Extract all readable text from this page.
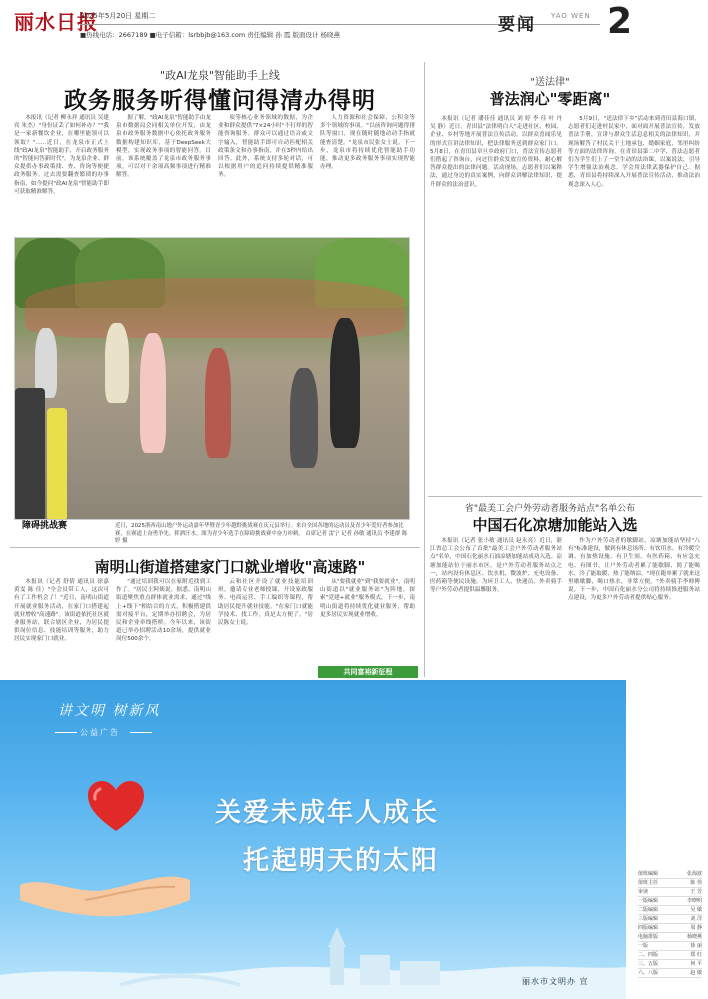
丽水日报
2025年5月20日 星期二
■热线电话：2667189 ■电子信箱：lsrbbjb@163.com 责任编辑 孙 霞 版面设计 杨晓燕	要闻 YAO WEN 2
"政AI龙泉"智能助手上线
政务服务听得懂问得清办得明

本报讯（记者 柳永祥 通讯员 吴建宾 朱杰）"身份证丢了如何补办？""我是一家新餐饮企业，在哪里能领可以领取？"......近日，在龙泉市正式上线"政AI龙泉"智能助手，开启政务服务的"智能问答新时代"。为龙泉企业、群众提供办事政策找、查、咨询等便捷政务服务。过去需要翻查繁琐的办事指南，如今提问"政AI龙泉"智能助手即可获取精准解答。

据了解，"政AI龙泉"智能助手由龙泉市数据局会同相关单位开发，由龙泉市政务服务数据中心依托政务服务数据构建知识库，基于DeepSeek大模型，实现政务事项的智能问答。目前，该系统覆盖了龙泉市政务服务事项，可以对千余项高频事项进行精准解答。

项等核心业务领域的数据，为企业和群众提供"7×24小时"不打烊的智能咨询服务。群众可以通过语音或文字输入，智能助手即可自动匹配相关政策条文和办事指南，并在3秒内给出回答。此外，系统支持多轮对话，可以根据用户的追问持续提供精准服务。

人力资源和社会保障、公积金等多个领域的事项。"以前咨询问题得排队等窗口，现在随时随地动动手指就能查清楚。"龙泉市民张女士说。下一步，龙泉市将持续优化智能助手功能，推动更多政务服务事项实现智能办理。

障碍挑战赛	近日，2025浙西南山地户外运动嘉年华暨青少年越野挑战赛在庆元县举行。来自全国各地的运动员及青少年爱好者参加比赛，在赛道上奋勇争先、挥洒汗水。图为青少年选手在障碍挑战赛中奋力冲刺。 首席记者 雷宁 记者 孙敏 通讯员 李建群 陈婷 摄
"送法律"
普法润心"零距离"

本报讯（记者 潘佳佳 通讯员 刘 婷 李 佳 叶 丹 吴 静）近日，青田县"法律明白人"走进社区、校园、企业、乡村等地开展普法宣传活动，以群众喜闻乐见的形式宣讲法律知识，把法律服务送到群众家门口。5月8日，在青田县章旦乡政府门口，普法宣传志愿者们搭起了咨询台，向过往群众发放宣传资料，耐心解答群众提出的法律问题。活动现场，志愿者们以案释法，通过身边的真实案例，向群众讲解法律知识，提升群众的法治意识。

5月9日，"送法律下乡"活动来到青田县海口镇，志愿者们走进村民家中，面对面开展普法宣传，发放普法手册，宣讲与群众生活息息相关的法律知识，并现场解答了村民关于土地承包、婚姻家庭、邻里纠纷等方面的法律咨询。在青田县第二中学，普法志愿者们为学生们上了一堂生动的法治课，以案说法，引导学生增强法治观念，学会用法律武器保护自己。据悉，青田县将持续深入开展普法宣传活动，推动法治观念深入人心。

省"最美工会户外劳动者服务站点"名单公布
中国石化凉塘加能站入选

本报讯（记者 张小敏 通讯员 赵永亮）近日，浙江省总工会公布了首批"最美工会户外劳动者服务站点"名单，中国石化丽水石油凉塘加能站成功入选。凉塘加能站位于丽水市区，是户外劳动者服务站点之一，站内设有休息区、饮水机、微波炉、充电设备、医药箱等便民设施，为环卫工人、快递员、外卖骑手等户外劳动者提供温馨服务。

作为户外劳动者的歇脚站，凉塘加能站坚持"八有"标准建设，做到有休息场所、有饮用水、有冷暖空调、有加热设施、有卫生间、有医药箱、有应急充电、有图书，让户外劳动者累了能歇脚、渴了能喝水、冷了能取暖、热了能纳凉。"现在跑单累了就来这里歇歇脚，喝口热水，非常方便。"外卖骑手李师傅说。下一步，中国石化丽水分公司将持续推进服务站点建设，为更多户外劳动者提供贴心服务。

南明山街道搭建家门口就业增收"高速路"

本报讯（记者 舒倩 通讯员 徐嘉 黄雯 陈 佳）"全会员带工人，这次可有了工作机会了！"近日，南明山街道开展就业服务活动，在家门口搭建起就业增收"高速路"。该街道依托社区就业服务站，联合辖区企业，为居民提供岗位信息、技能培训等服务，助力居民实现家门口就业。

"通过培训我可以在家附近找到工作了。"居民王阿姨说。据悉，南明山街道聚焦重点群体就业需求，通过"线上+线下"相结合的方式，积极搭建供需对接平台，定期举办招聘会，为居民和企业牵线搭桥。今年以来，该街道已举办招聘活动10余场，提供就业岗位500余个。

云和社区开设了就业技能培训班，邀请专业老师授课，开设家政服务、电商运营、手工编织等课程，帮助居民提升就业技能。"在家门口就能学技术、找工作，真是太方便了。"居民陈女士说。

从"要我就业"到"我要就业"，南明山街道以"就业服务站"为阵地，探索"党建+就业"服务模式，下一步，南明山街道将持续优化就业服务，帮助更多居民实现就业增收。

共同富裕新征程
讲文明 树新风
公益广告
关爱未成年人成长
托起明天的太阳
丽水市文明办 宣
值班编辑	张海波
值班主任	陈 伟
审读	王 芳
一版编辑	李晓明
二版编辑	吴 敏
三版编辑	刘 洋
四版编辑	周 静
电脑排版	杨晓燕
一版	徐 丽
二、四版	郑 红
三、五版	何 平
六、八版	赵 敏
